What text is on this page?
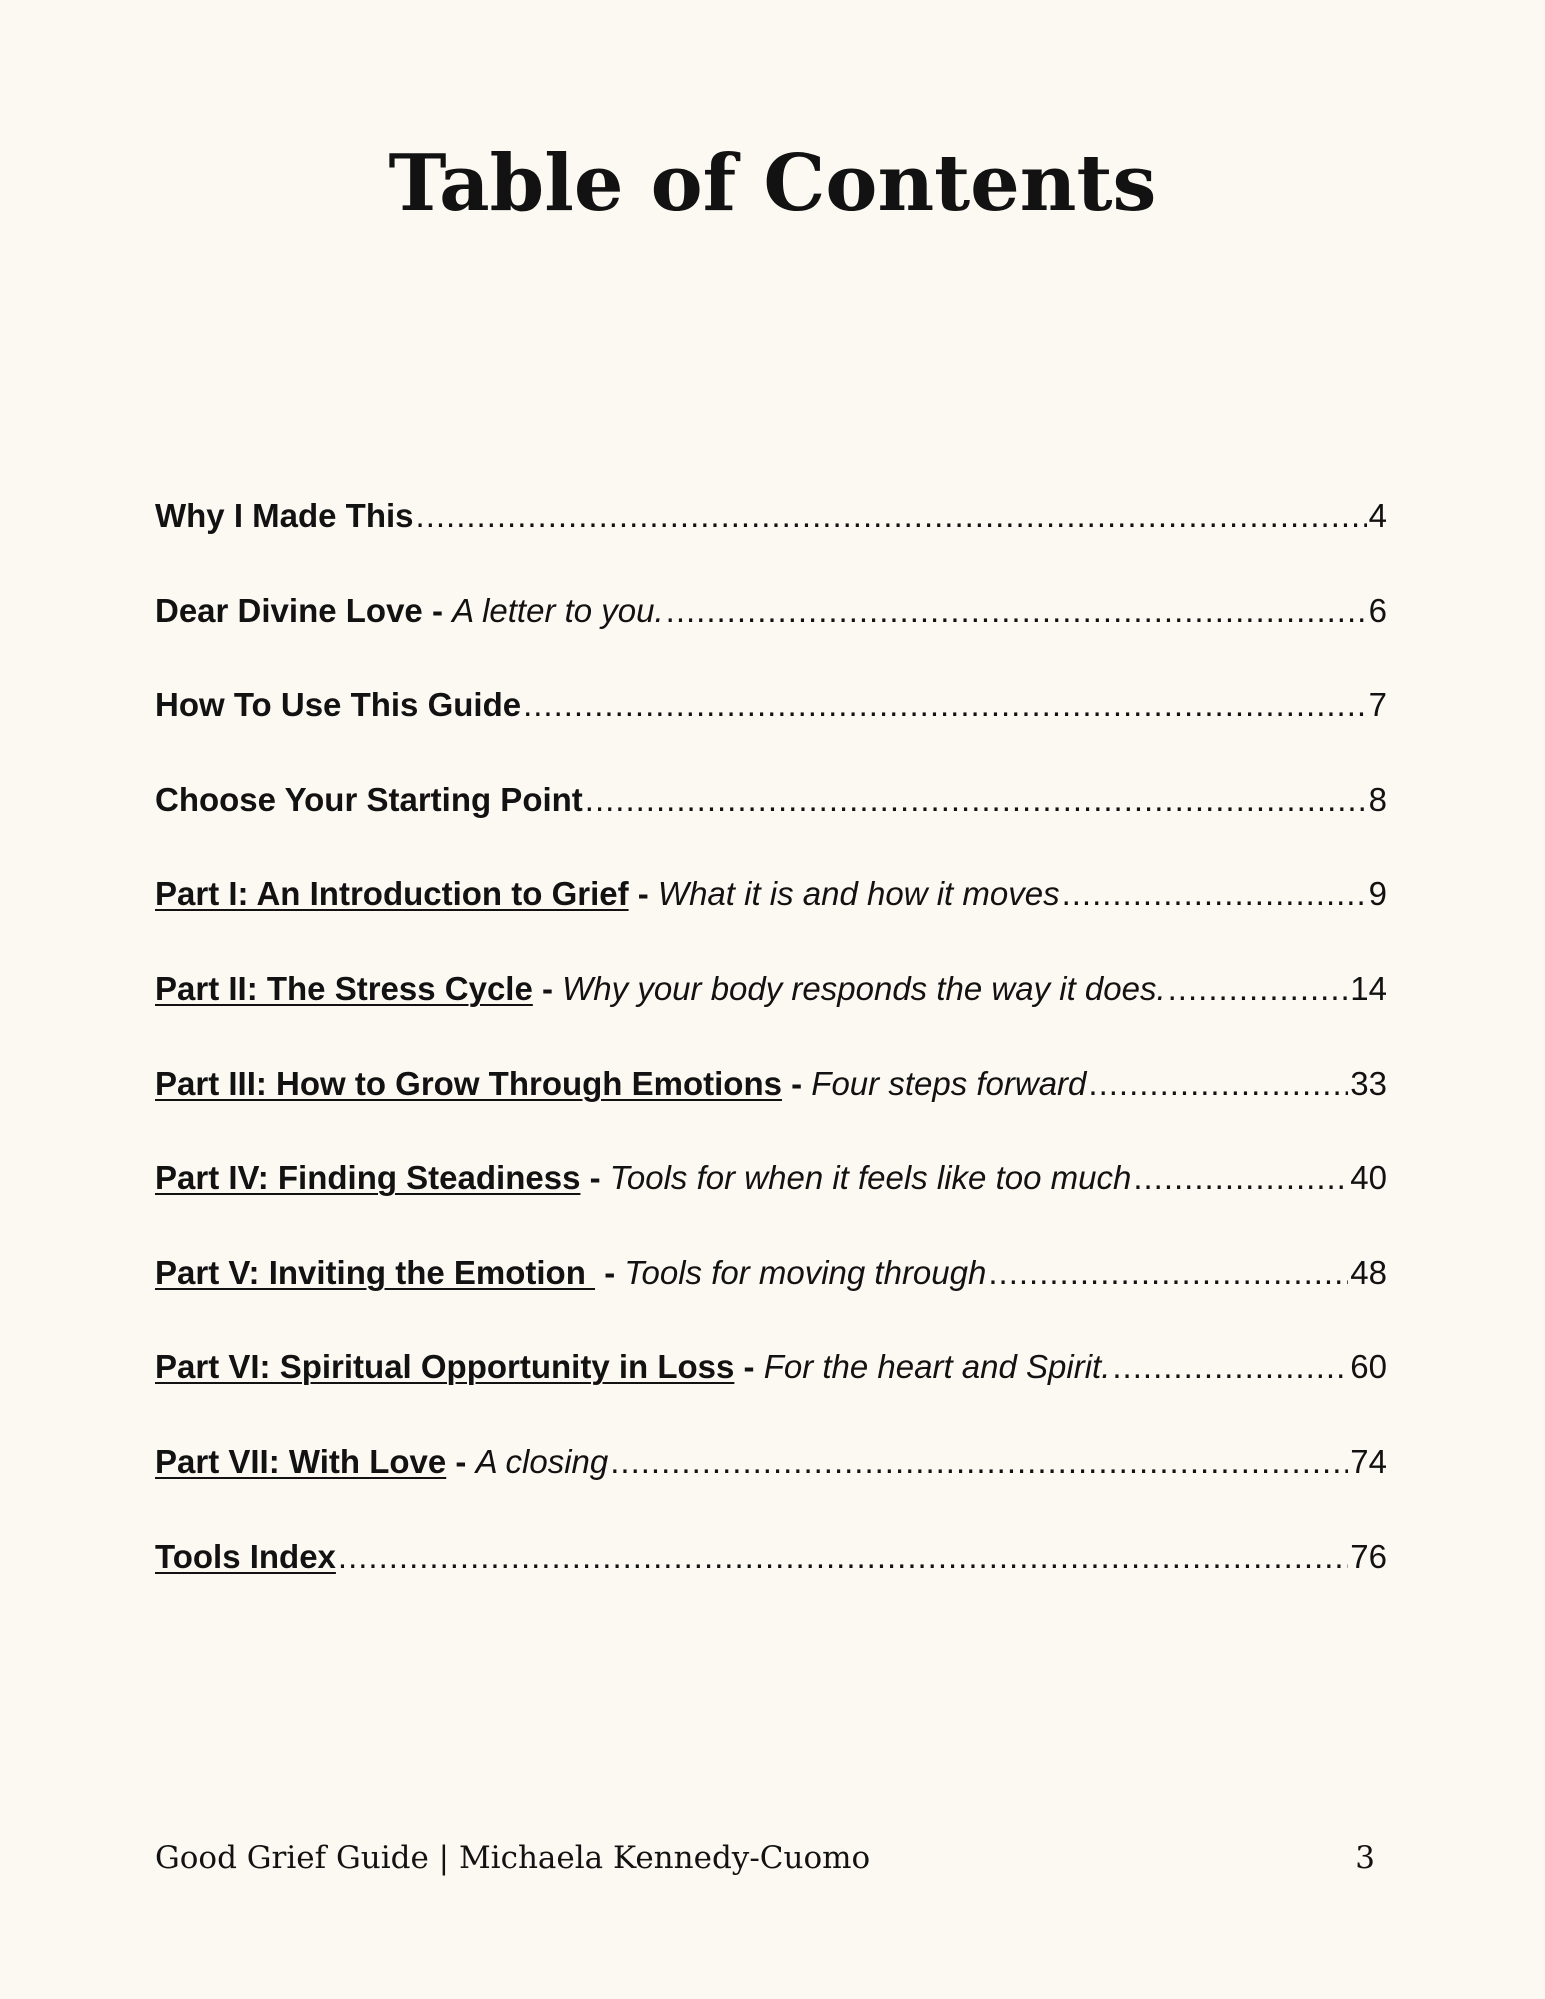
Table of Contents
Why I Made This .....	4
Dear Divine Love - A letter to you. .....	6
How To Use This Guide .....	7
Choose Your Starting Point .....	8
Part I: An Introduction to Grief - What it is and how it moves .....	9
Part II: The Stress Cycle - Why your body responds the way it does. .....	14
Part III: How to Grow Through Emotions - Four steps forward .....	33
Part IV: Finding Steadiness - Tools for when it feels like too much .....	40
Part V: Inviting the Emotion - Tools for moving through .....	48
Part VI: Spiritual Opportunity in Loss - For the heart and Spirit. .....	60
Part VII: With Love - A closing .....	74
Tools Index .....	76
Good Grief Guide | Michaela Kennedy-Cuomo	3
